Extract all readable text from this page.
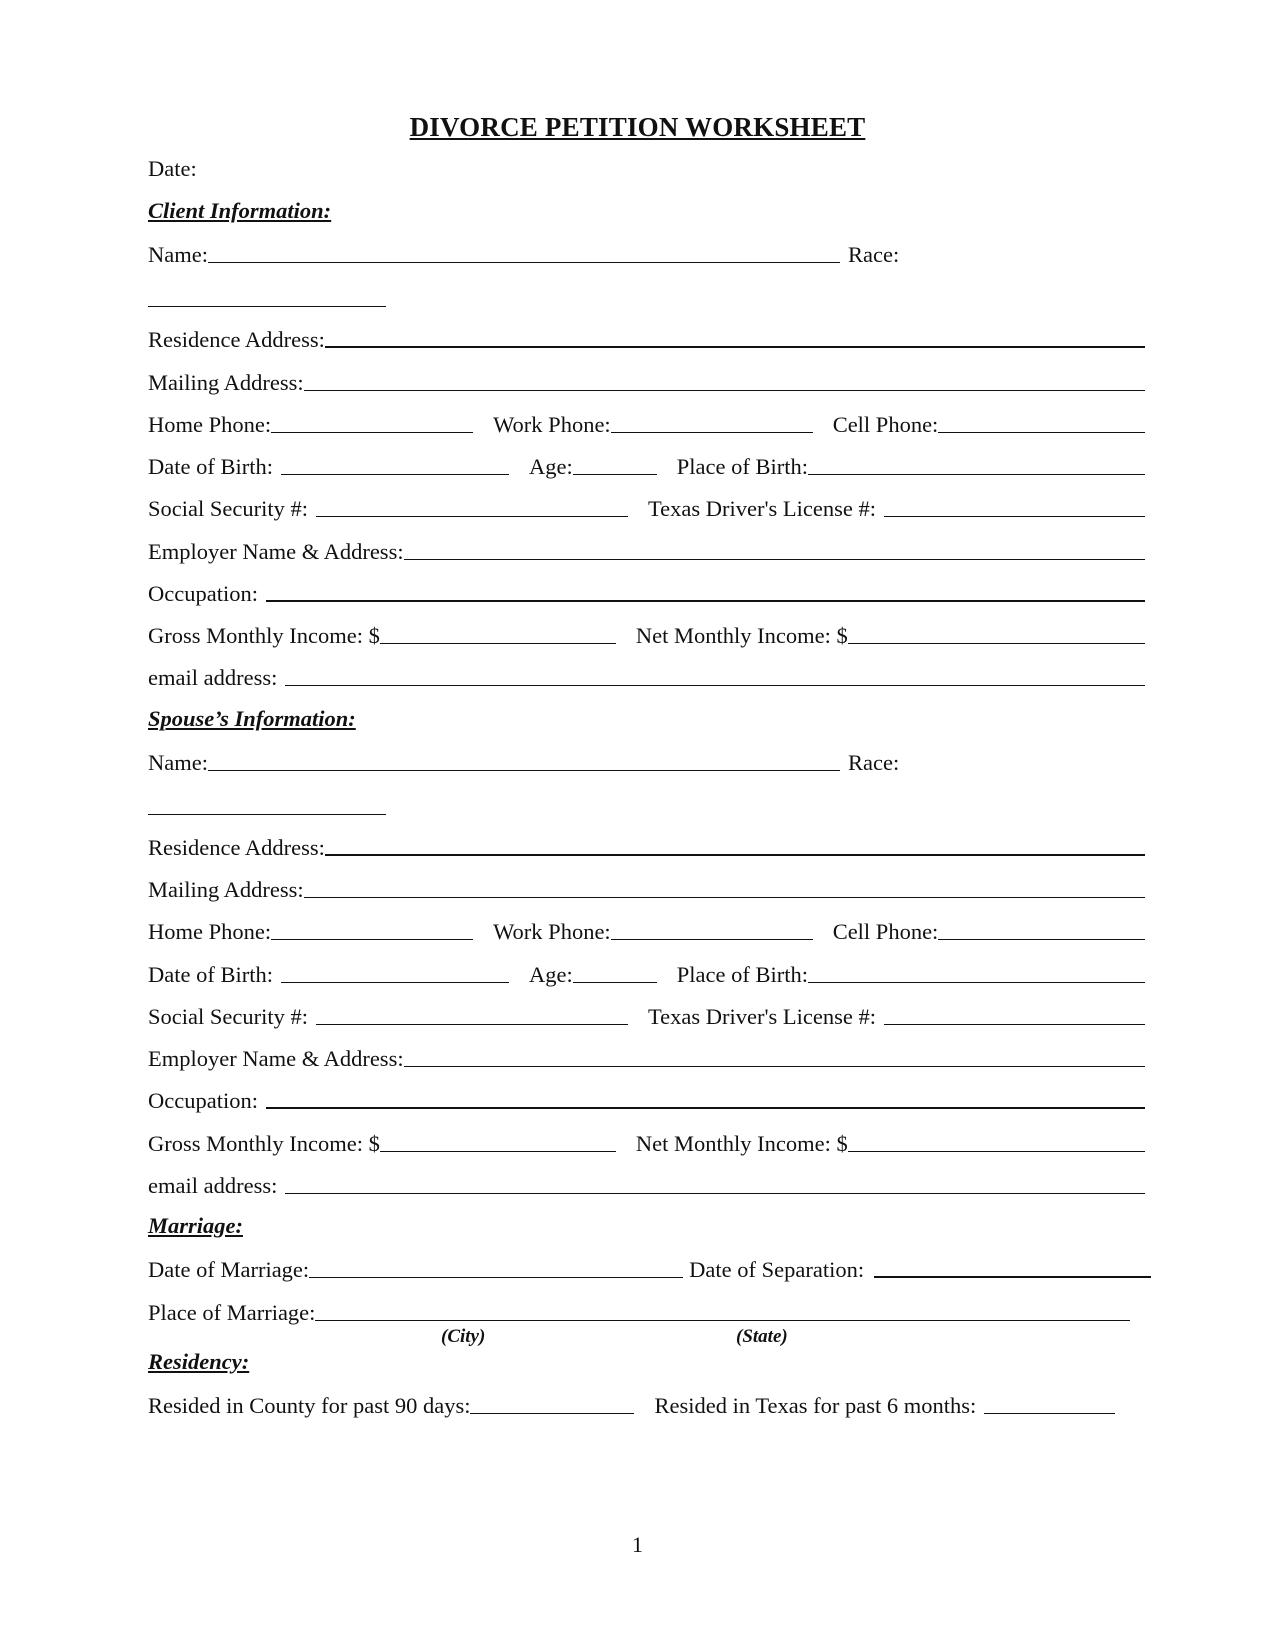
DIVORCE PETITION WORKSHEET
Date:
Client Information:
Name:	Race:
Residence Address:
Mailing Address:
Home Phone:	Work Phone:	Cell Phone:
Date of Birth:	Age:	Place of Birth:
Social Security #:	Texas Driver's License #:
Employer Name & Address:
Occupation:
Gross Monthly Income: $	Net Monthly Income: $
email address:
Spouse’s Information:
Name:	Race:
Residence Address:
Mailing Address:
Home Phone:	Work Phone:	Cell Phone:
Date of Birth:	Age:	Place of Birth:
Social Security #:	Texas Driver's License #:
Employer Name & Address:
Occupation:
Gross Monthly Income: $	Net Monthly Income: $
email address:
Marriage:
Date of Marriage:	Date of Separation:
Place of Marriage:
(City)	(State)
Residency:
Resided in County for past 90 days:	Resided in Texas for past 6 months:
1
